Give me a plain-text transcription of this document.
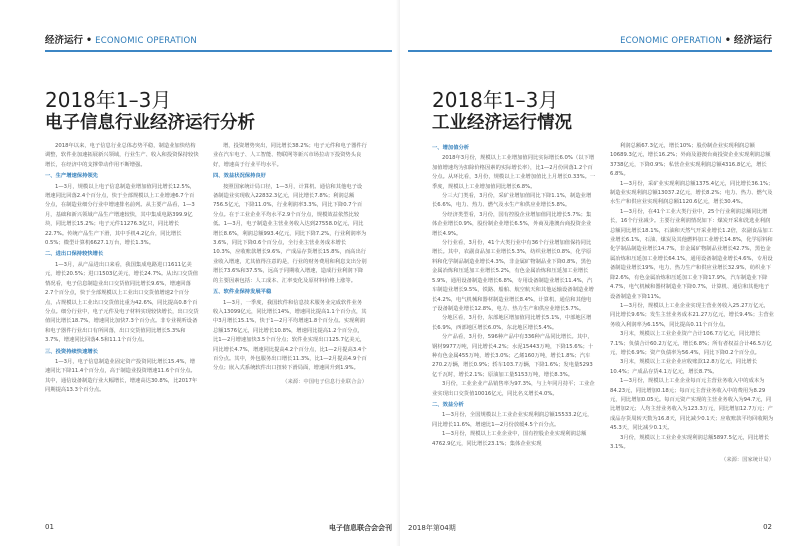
经济运行 • ECONOMIC OPERATION
2018年1–3月
电子信息行业经济运行分析
2018年以来，电子信息行业总体态势平稳，制造业加快结构调整，软件业加速拓展新兴领域，行业生产、收入和投资保持较快增长，在经济中的支撑带动作用不断增强。
一、生产增速保持领先
1—3月，规模以上电子信息制造业增加值同比增长12.5%，增速同比回落2.4个百分点，快于全部规模以上工业增速6.7个百分点，在制造业细分行业中增速排名前列。从主要产品看，1—3月，基础和新兴领域产品生产增速较快，其中集成电路399.9亿块，同比增长15.2%；电子元件11276.3亿只，同比增长22.7%。传统产品生产下滑，其中手机4.2亿台，同比增长0.5%；微型计算机6627.1万台，增长1.3%。
二、进出口保持较快增长
1—3月，从产品进出口来看，我国集成电路进口1611亿美元，增长20.5%；进口1503亿美元，增长24.7%。从出口交货值情况看，电子信息制造业出口交货值同比增长9.6%，增速回落2.7个百分点，快于全部规模以上工业出口交货值增速2个百分点，占规模以上工业出口交货值比重为42.6%，同比提高0.8个百分点。细分行业中，电子元件及电子材料实现较快增长，出口交货值同比增长18.7%，增速同比加快7.3个百分点。非专业视听设备和电子器件行业出口有所回落，出口交货值同比增长5.3%和3.7%，增速同比回落4.5和11.1个百分点。
三、投资持续快速增长
1—3月，电子信息制造业固定资产投资同比增长15.4%，增速同比下降11.4个百分点，高于制造业投资增速11.6个百分点。其中，通信设备制造行业大幅增长，增速高达30.8%，比2017年同期提高13.3个百分点。
增，投资增势突出，同比增长38.2%；电子元件和电子器件行业在汽车电子、人工智能、物联网等新兴市场拉动下投资势头良好，增速高于行业平均水平。
四、效益状况保持良好
按照国家统计局口径，1—3月，计算机、通信和其他电子设备制造业实现收入22832.3亿元，同比增长7.8%；利润总额756.5亿元，下降11.0%，行业利润率3.3%，同比下降0.7个百分点。在于工业企业平均水平2.9个百分点，规模效益依然比较低。1—3月，电子制造业主营业务收入达到27558.0亿元，同比增长8.6%，利润总额993.4亿元，同比下降7.2%，行业利润率为3.6%，同比下降0.6个百分点，全行业主营业务成本增长10.3%，应收账款增长9.6%，产成品存货增长15.8%，而高出行业收入增速，尤其值得注意的是，行业的财务费用和利息支出分别增长73.6%和37.5%，远高于同期收入增速，造成行业利润下降的主要因素包括：人工成本、汇率变化及原材料价格上涨等。
五、软件业保持发展平稳
1—3月，一季度，我国软件和信息技术服务业完成软件业务收入13099亿元，同比增长14%，增速同比提高1.1个百分点，其中3月增长15.1%，快于1—2月平均增速1.8个百分点。实现利润总额1576亿元，同比增长10.8%，增速同比提高1.2个百分点，比1—2月增速加快3.5个百分点；软件业实现出口125.7亿美元，同比增长4.7%，增速同比提高4.2个百分点，比1—2月提高3.4个百分点。其中，外包服务出口增长11.3%，比1—2月提高4.9个百分点；嵌入式系统软件出口扭转下滑局面，增速回升到1.9%。
（来源：中国电子信息行业联合会）
01	电子信息联合会会刊
ECONOMIC OPERATION • 经济运行
2018年1–3月
工业经济运行情况
一、增加值分析
2018年3月份，规模以上工业增加值同比实际增长6.0%（以下增加值增速均为扣除价格因素的实际增长率），比1—2月份回落1.2个百分点。从环比看，3月份，规模以上工业增加值比上月增长0.33%。一季度，规模以上工业增加值同比增长6.8%。
分三大门类看，3月份，采矿业增加值同比下降1.1%，制造业增长6.6%，电力、热力、燃气及水生产和供应业增长5.8%。
分经济类型看，3月份，国有控股企业增加值同比增长5.7%；集体企业增长0.9%，股份制企业增长6.5%，外商及港澳台商投资企业增长4.9%。
分行业看，3月份，41个大类行业中有36个行业增加值保持同比增长。其中，农副食品加工业增长5.3%，纺织业增长0.8%，化学原料和化学制品制造业增长4.3%，非金属矿物制品业下降0.8%，黑色金属冶炼和压延加工业增长5.2%，有色金属冶炼和压延加工业增长5.9%，通用设备制造业增长6.8%，专用设备制造业增长11.4%，汽车制造业增长9.5%，铁路、船舶、航空航天和其他运输设备制造业增长4.2%，电气机械和器材制造业增长8.4%，计算机、通信和其他电子设备制造业增长12.8%，电力、热力生产和供应业增长5.7%。
分地区看，3月份，东部地区增加值同比增长5.1%，中部地区增长6.9%，西部地区增长6.0%，东北地区增长5.4%。
分产品看，3月份，596种产品中有336种产品同比增长。其中，钢材9977万吨，同比增长4.2%；水泥15443万吨，下降15.6%；十种有色金属455万吨，增长3.0%；乙烯160万吨，增长1.8%；汽车270.2万辆，增长0.9%；轿车103.7万辆，下降1.6%；发电量5293亿千瓦时，增长2.1%；原油加工量5153万吨，增长8.3%。
3月份，工业企业产品销售率为97.3%，与上年同月持平；工业企业实现出口交货值10016亿元，同比名义增长4.0%。
二、效益分析
1—3月份，全国规模以上工业企业实现利润总额15533.2亿元，同比增长11.6%，增速比1—2月份放缓4.5个百分点。
1—3月份，规模以上工业企业中，国有控股企业实现利润总额4762.9亿元，同比增长23.1%；集体企业实现
利润总额67.3亿元，增长10%；股份制企业实现利润总额10689.3亿元，增长16.2%；外商及港澳台商投资企业实现利润总额3738亿元，下降0.9%；私营企业实现利润总额4316.8亿元，增长6.8%。
1—3月份，采矿业实现利润总额1375.4亿元，同比增长36.1%；制造业实现利润总额13037.2亿元，增长8.2%；电力、热力、燃气及水生产和供应业实现利润总额1120.6亿元，增长30.4%。
1—3月份，在41个工业大类行业中，25个行业利润总额同比增长，16个行业减少。主要行业利润情况如下：煤炭开采和洗选业利润总额同比增长18.1%，石油和天然气开采业增长1.2倍，农副食品加工业增长6.1%，石油、煤炭及其他燃料加工业增长14.8%，化学原料和化学制品制造业增长14.7%，非金属矿物制品业增长42.7%，黑色金属冶炼和压延加工业增长64.1%，通用设备制造业增长4.6%，专用设备制造业增长19%，电力、热力生产和供应业增长32.9%，纺织业下降2.6%，有色金属冶炼和压延加工业下降17.9%，汽车制造业下降4.7%，电气机械和器材制造业下降0.7%，计算机、通信和其他电子设备制造业下降11%。
1—3月份，规模以上工业企业实现主营业务收入25.27万亿元，同比增长9.6%；发生主营业务成本21.27万亿元，增长9.4%；主营业务收入利润率为6.15%，同比提高0.11个百分点。
3月末，规模以上工业企业资产合计106.7万亿元，同比增长7.1%；负债合计60.2万亿元，增长6.8%；所有者权益合计46.5万亿元，增长6.9%；资产负债率为56.4%，同比下降0.2个百分点。
3月末，规模以上工业企业应收账款12.8万亿元，同比增长10.4%；产成品存货4.1万亿元，增长8.7%。
1—3月份，规模以上工业企业每百元主营业务收入中的成本为84.23元，同比增加0.18元；每百元主营业务收入中的费用为8.29元，同比增加0.05元。每百元资产实现的主营业务收入为94.7元，同比增加2元；人均主营业务收入为123.3万元，同比增加12.7万元；产成品存货周转天数为16.8天，同比减少0.1天；应收账款平均回收期为45.3天，同比减少0.1天。
3月份，规模以上工业企业实现利润总额5897.5亿元，同比增长3.1%。
（来源：国家统计局）
2018年第04期	02
